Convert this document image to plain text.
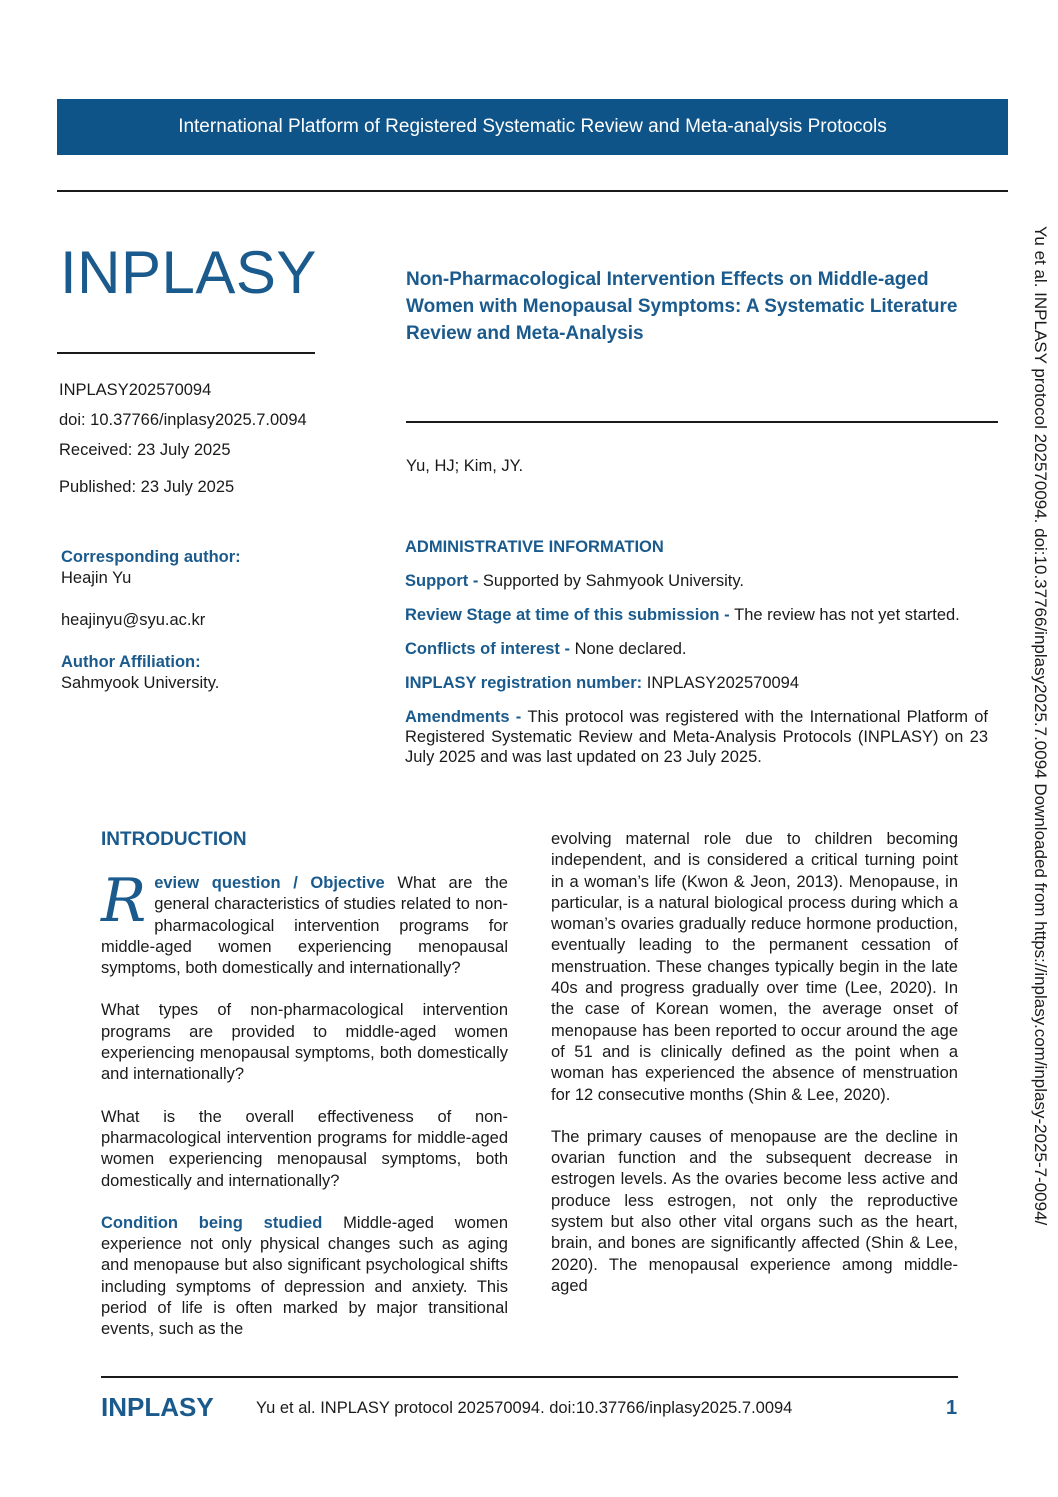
International Platform of Registered Systematic Review and Meta-analysis Protocols
INPLASY
INPLASY202570094
doi: 10.37766/inplasy2025.7.0094
Received: 23 July 2025
Published: 23 July 2025
Non-Pharmacological Intervention Effects on Middle-aged Women with Menopausal Symptoms: A Systematic Literature Review and Meta-Analysis
Yu, HJ; Kim, JY.
Corresponding author:
Heajin Yu
heajinyu@syu.ac.kr
Author Affiliation:
Sahmyook University.
ADMINISTRATIVE INFORMATION

Support - Supported by Sahmyook University.

Review Stage at time of this submission - The review has not yet started.

Conflicts of interest - None declared.

INPLASY registration number: INPLASY202570094

Amendments - This protocol was registered with the International Platform of Registered Systematic Review and Meta-Analysis Protocols (INPLASY) on 23 July 2025 and was last updated on 23 July 2025.

INTRODUCTION

Review question / Objective What are the general characteristics of studies related to non-pharmacological intervention programs for middle-aged women experiencing menopausal symptoms, both domestically and internationally?

What types of non-pharmacological intervention programs are provided to middle-aged women experiencing menopausal symptoms, both domestically and internationally?

What is the overall effectiveness of non-pharmacological intervention programs for middle-aged women experiencing menopausal symptoms, both domestically and internationally?

Condition being studied Middle-aged women experience not only physical changes such as aging and menopause but also significant psychological shifts including symptoms of depression and anxiety. This period of life is often marked by major transitional events, such as the

evolving maternal role due to children becoming independent, and is considered a critical turning point in a woman’s life (Kwon & Jeon, 2013). Menopause, in particular, is a natural biological process during which a woman’s ovaries gradually reduce hormone production, eventually leading to the permanent cessation of menstruation. These changes typically begin in the late 40s and progress gradually over time (Lee, 2020). In the case of Korean women, the average onset of menopause has been reported to occur around the age of 51 and is clinically defined as the point when a woman has experienced the absence of menstruation for 12 consecutive months (Shin & Lee, 2020).

The primary causes of menopause are the decline in ovarian function and the subsequent decrease in estrogen levels. As the ovaries become less active and produce less estrogen, not only the reproductive system but also other vital organs such as the heart, brain, and bones are significantly affected (Shin & Lee, 2020). The menopausal experience among middle-aged

INPLASY	Yu et al. INPLASY protocol 202570094. doi:10.37766/inplasy2025.7.0094	1
Yu et al. INPLASY protocol 202570094. doi:10.37766/inplasy2025.7.0094 Downloaded from https://inplasy.com/inplasy-2025-7-0094/
